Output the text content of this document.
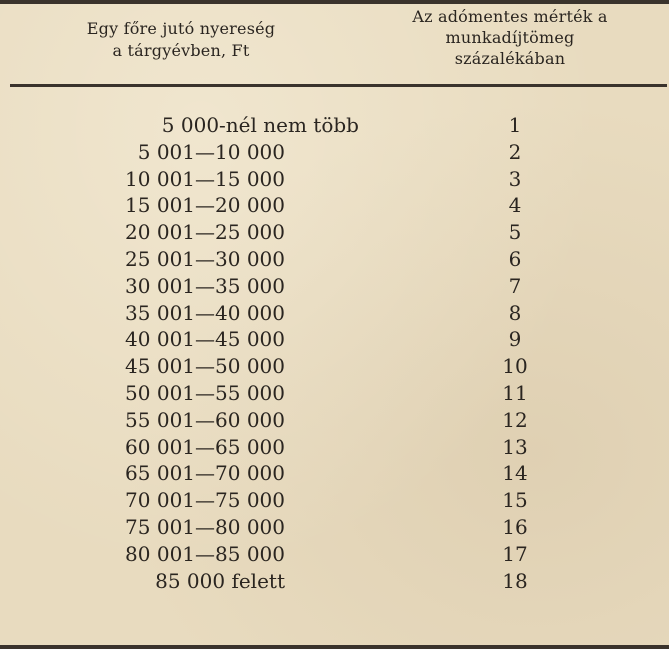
Egy főre jutó nyereség
a tárgyévben, Ft
Az adómentes mérték a
munkadíjtömeg
százalékában
5 000-nél nem több	1
5 001—10 000	2
10 001—15 000	3
15 001—20 000	4
20 001—25 000	5
25 001—30 000	6
30 001—35 000	7
35 001—40 000	8
40 001—45 000	9
45 001—50 000	10
50 001—55 000	11
55 001—60 000	12
60 001—65 000	13
65 001—70 000	14
70 001—75 000	15
75 001—80 000	16
80 001—85 000	17
85 000 felett	18
